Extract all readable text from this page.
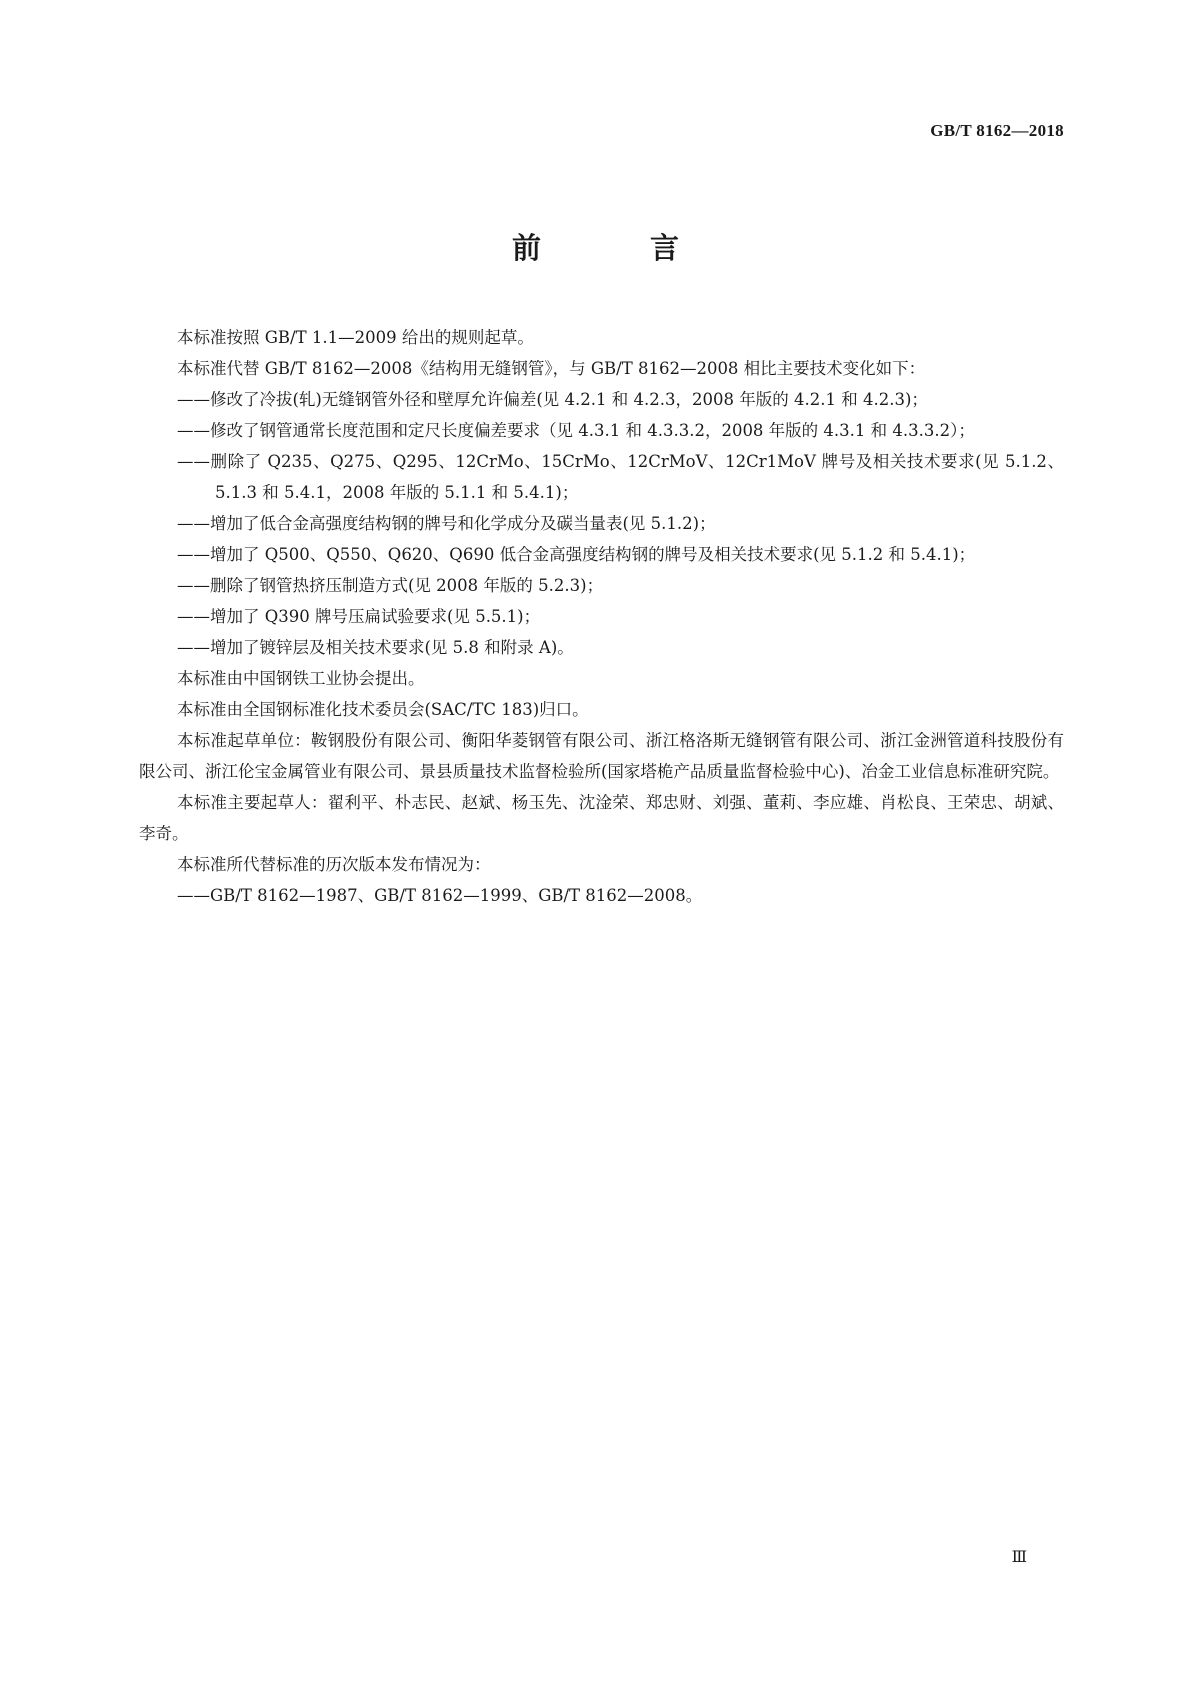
GB/T 8162—2018
前　言

本标准按照 GB/T 1.1—2009 给出的规则起草。

本标准代替 GB/T 8162—2008《结构用无缝钢管》，与 GB/T 8162—2008 相比主要技术变化如下：

——修改了冷拔(轧)无缝钢管外径和壁厚允许偏差(见 4.2.1 和 4.2.3，2008 年版的 4.2.1 和 4.2.3)；

——修改了钢管通常长度范围和定尺长度偏差要求（见 4.3.1 和 4.3.3.2，2008 年版的 4.3.1 和 4.3.3.2）；

——删除了 Q235、Q275、Q295、12CrMo、15CrMo、12CrMoV、12Cr1MoV 牌号及相关技术要求(见 5.1.2、5.1.3 和 5.4.1，2008 年版的 5.1.1 和 5.4.1)；

——增加了低合金高强度结构钢的牌号和化学成分及碳当量表(见 5.1.2)；

——增加了 Q500、Q550、Q620、Q690 低合金高强度结构钢的牌号及相关技术要求(见 5.1.2 和 5.4.1)；

——删除了钢管热挤压制造方式(见 2008 年版的 5.2.3)；

——增加了 Q390 牌号压扁试验要求(见 5.5.1)；

——增加了镀锌层及相关技术要求(见 5.8 和附录 A)。

本标准由中国钢铁工业协会提出。

本标准由全国钢标准化技术委员会(SAC/TC 183)归口。

本标准起草单位：鞍钢股份有限公司、衡阳华菱钢管有限公司、浙江格洛斯无缝钢管有限公司、浙江金洲管道科技股份有限公司、浙江伦宝金属管业有限公司、景县质量技术监督检验所(国家塔桅产品质量监督检验中心)、冶金工业信息标准研究院。

本标准主要起草人：翟利平、朴志民、赵斌、杨玉先、沈淦荣、郑忠财、刘强、董莉、李应雄、肖松良、王荣忠、胡斌、李奇。

本标准所代替标准的历次版本发布情况为：

——GB/T 8162—1987、GB/T 8162—1999、GB/T 8162—2008。

Ⅲ
